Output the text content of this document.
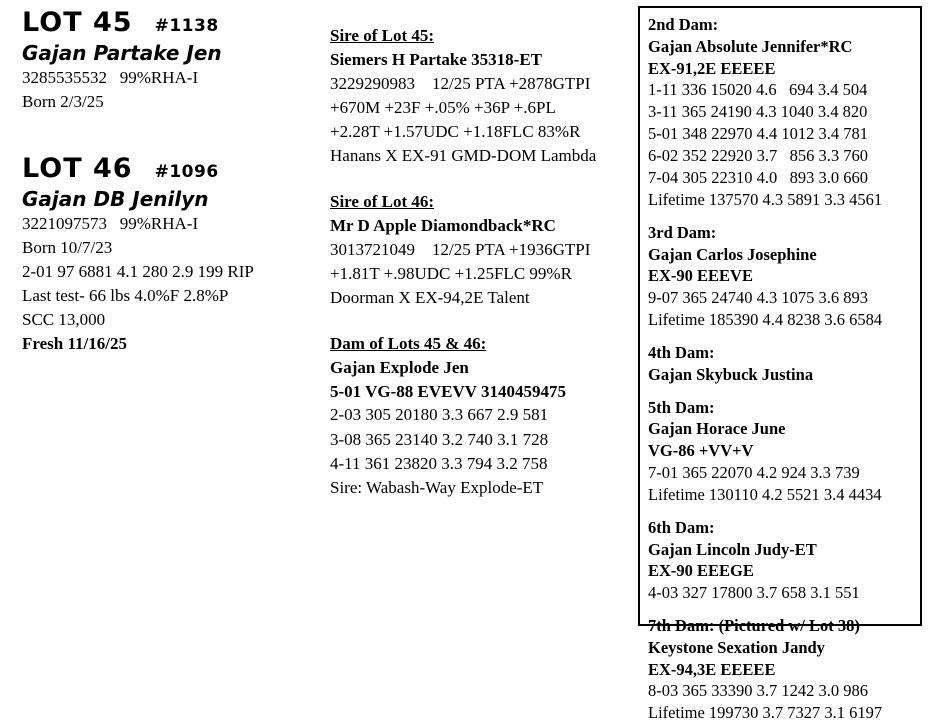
LOT 45 #1138
Gajan Partake Jen
3285535532   99%RHA-I
Born 2/3/25
LOT 46 #1096
Gajan DB Jenilyn
3221097573   99%RHA-I
Born 10/7/23
2-01 97 6881 4.1 280 2.9 199 RIP
Last test- 66 lbs 4.0%F 2.8%P
SCC 13,000
Fresh 11/16/25
Sire of Lot 45:
Siemers H Partake 35318-ET
3229290983    12/25 PTA +2878GTPI
+670M +23F +.05% +36P +.6PL
+2.28T +1.57UDC +1.18FLC 83%R
Hanans X EX-91 GMD-DOM Lambda
Sire of Lot 46:
Mr D Apple Diamondback*RC
3013721049    12/25 PTA +1936GTPI
+1.81T +.98UDC +1.25FLC 99%R
Doorman X EX-94,2E Talent
Dam of Lots 45 & 46:
Gajan Explode Jen
5-01 VG-88 EVEVV 3140459475
2-03 305 20180 3.3 667 2.9 581
3-08 365 23140 3.2 740 3.1 728
4-11 361 23820 3.3 794 3.2 758
Sire: Wabash-Way Explode-ET
2nd Dam:
Gajan Absolute Jennifer*RC
EX-91,2E EEEEE
1-11 336 15020 4.6   694 3.4 504
3-11 365 24190 4.3 1040 3.4 820
5-01 348 22970 4.4 1012 3.4 781
6-02 352 22920 3.7   856 3.3 760
7-04 305 22310 4.0   893 3.0 660
Lifetime 137570 4.3 5891 3.3 4561
3rd Dam:
Gajan Carlos Josephine
EX-90 EEEVE
9-07 365 24740 4.3 1075 3.6 893
Lifetime 185390 4.4 8238 3.6 6584
4th Dam:
Gajan Skybuck Justina
5th Dam:
Gajan Horace June
VG-86 +VV+V
7-01 365 22070 4.2 924 3.3 739
Lifetime 130110 4.2 5521 3.4 4434
6th Dam:
Gajan Lincoln Judy-ET
EX-90 EEEGE
4-03 327 17800 3.7 658 3.1 551
7th Dam: (Pictured w/ Lot 38)
Keystone Sexation Jandy
EX-94,3E EEEEE
8-03 365 33390 3.7 1242 3.0 986
Lifetime 199730 3.7 7327 3.1 6197
